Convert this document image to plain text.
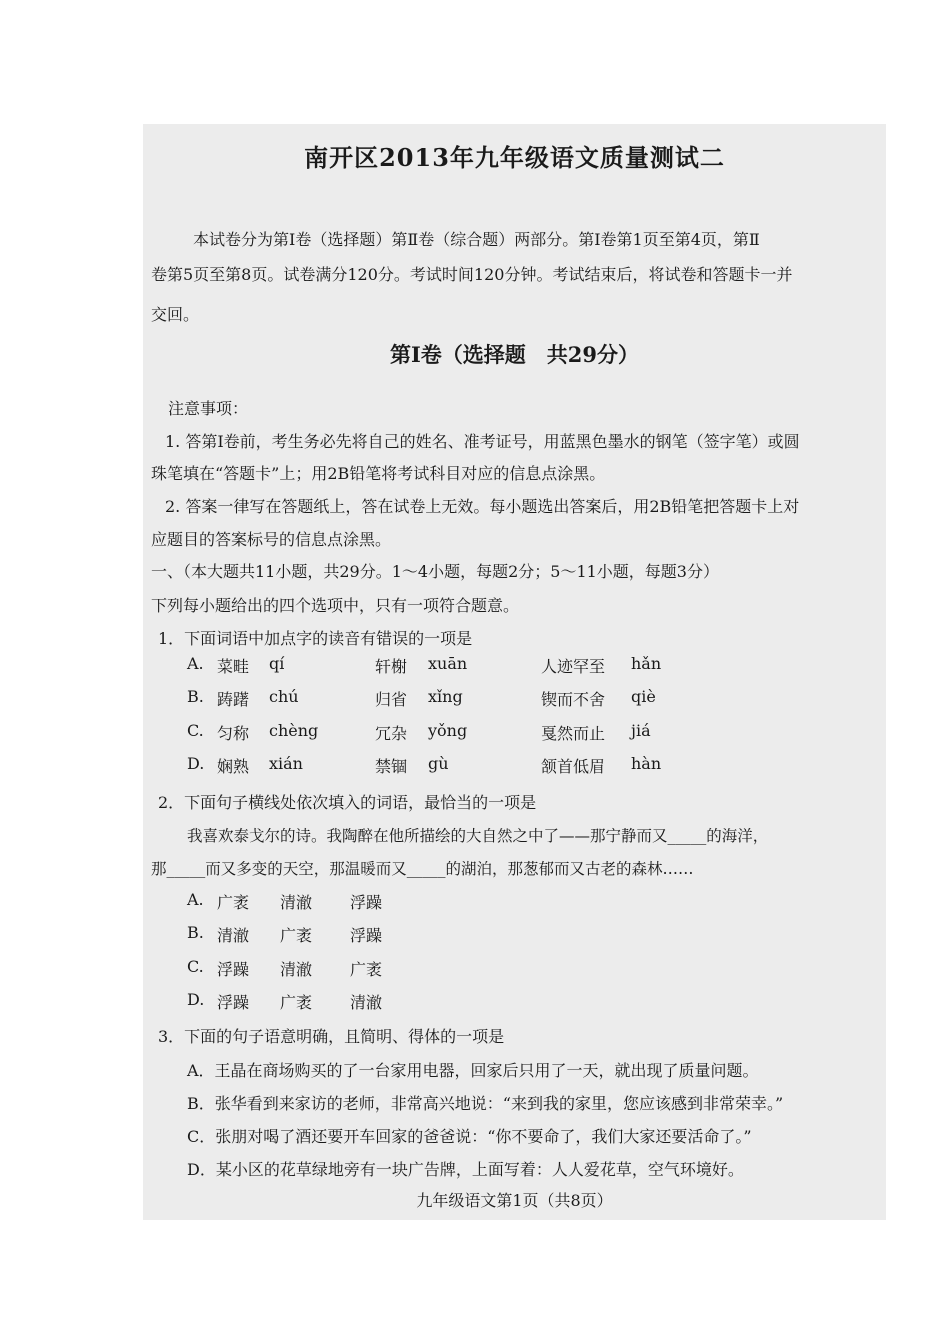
南开区2013年九年级语文质量测试二
本试卷分为第Ⅰ卷（选择题）第Ⅱ卷（综合题）两部分。第Ⅰ卷第1页至第4页，第Ⅱ
卷第5页至第8页。试卷满分120分。考试时间120分钟。考试结束后，将试卷和答题卡一并
交回。
第Ⅰ卷（选择题　共29分）
注意事项：
1. 答第Ⅰ卷前，考生务必先将自己的姓名、准考证号，用蓝黑色墨水的钢笔（签字笔）或圆
珠笔填在“答题卡”上；用2B铅笔将考试科目对应的信息点涂黑。
2. 答案一律写在答题纸上，答在试卷上无效。每小题选出答案后，用2B铅笔把答题卡上对
应题目的答案标号的信息点涂黑。
一、（本大题共11小题，共29分。1～4小题，每题2分；5～11小题，每题3分）
下列每小题给出的四个选项中，只有一项符合题意。
1．下面词语中加点字的读音有错误的一项是
A. 菜畦 qí	轩榭 xuān	人迹罕至 hǎn
B. 踌躇 chú	归省 xǐng	锲而不舍 qiè
C. 匀称 chèng	冗杂 yǒng	戛然而止 jiá
D. 娴熟 xián	禁锢 gù	颔首低眉 hàn
2．下面句子横线处依次填入的词语，最恰当的一项是
我喜欢泰戈尔的诗。我陶醉在他所描绘的大自然之中了——那宁静而又_____的海洋，
那_____而又多变的天空，那温暖而又_____的湖泊，那葱郁而又古老的森林……
A. 广袤 清澈 浮躁
B. 清澈 广袤 浮躁
C. 浮躁 清澈 广袤
D. 浮躁 广袤 清澈
3．下面的句子语意明确，且简明、得体的一项是
A．王晶在商场购买的了一台家用电器，回家后只用了一天，就出现了质量问题。
B．张华看到来家访的老师，非常高兴地说：“来到我的家里，您应该感到非常荣幸。”
C．张朋对喝了酒还要开车回家的爸爸说：“你不要命了，我们大家还要活命了。”
D．某小区的花草绿地旁有一块广告牌，上面写着：人人爱花草，空气环境好。
九年级语文第1页（共8页）
